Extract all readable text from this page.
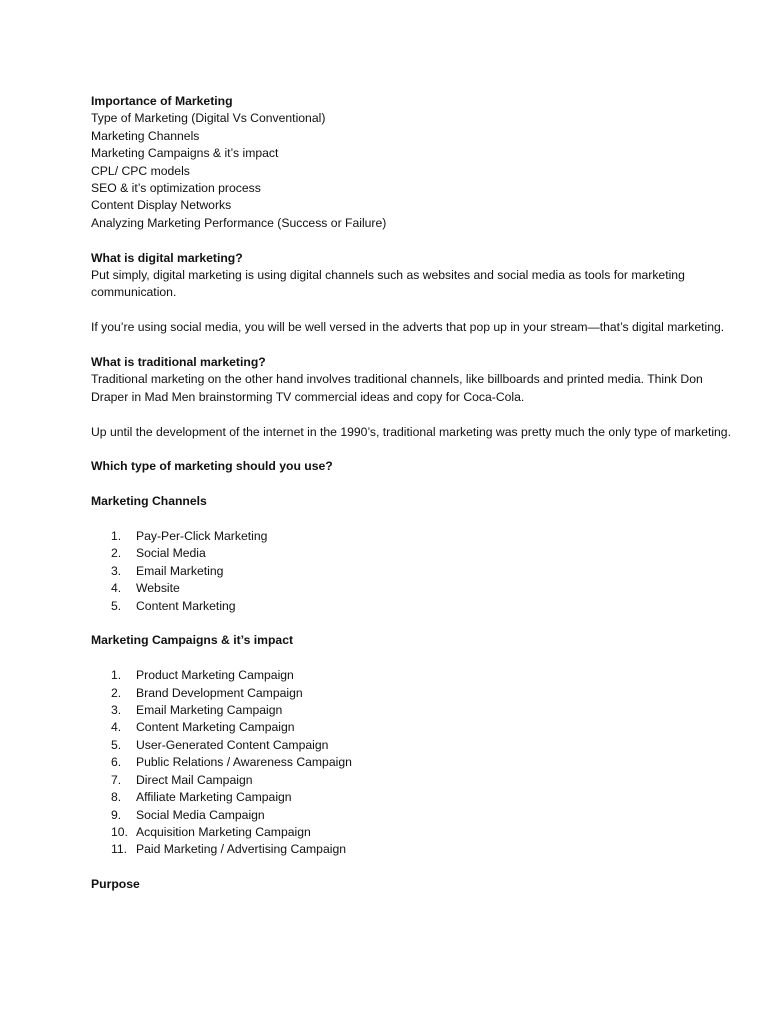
Importance of Marketing
Type of Marketing (Digital Vs Conventional)
Marketing Channels
Marketing Campaigns & it’s impact
CPL/ CPC models
SEO & it’s optimization process
Content Display Networks
Analyzing Marketing Performance (Success or Failure)
What is digital marketing?
Put simply, digital marketing is using digital channels such as websites and social media as tools for marketing communication.
If you’re using social media, you will be well versed in the adverts that pop up in your stream—that’s digital marketing.
What is traditional marketing?
Traditional marketing on the other hand involves traditional channels, like billboards and printed media. Think Don Draper in Mad Men brainstorming TV commercial ideas and copy for Coca-Cola.
Up until the development of the internet in the 1990’s, traditional marketing was pretty much the only type of marketing.
Which type of marketing should you use?
Marketing Channels
1. Pay-Per-Click Marketing
2. Social Media
3. Email Marketing
4. Website
5. Content Marketing
Marketing Campaigns & it’s impact
1. Product Marketing Campaign
2. Brand Development Campaign
3. Email Marketing Campaign
4. Content Marketing Campaign
5. User-Generated Content Campaign
6. Public Relations / Awareness Campaign
7. Direct Mail Campaign
8. Affiliate Marketing Campaign
9. Social Media Campaign
10. Acquisition Marketing Campaign
11. Paid Marketing / Advertising Campaign
Purpose
